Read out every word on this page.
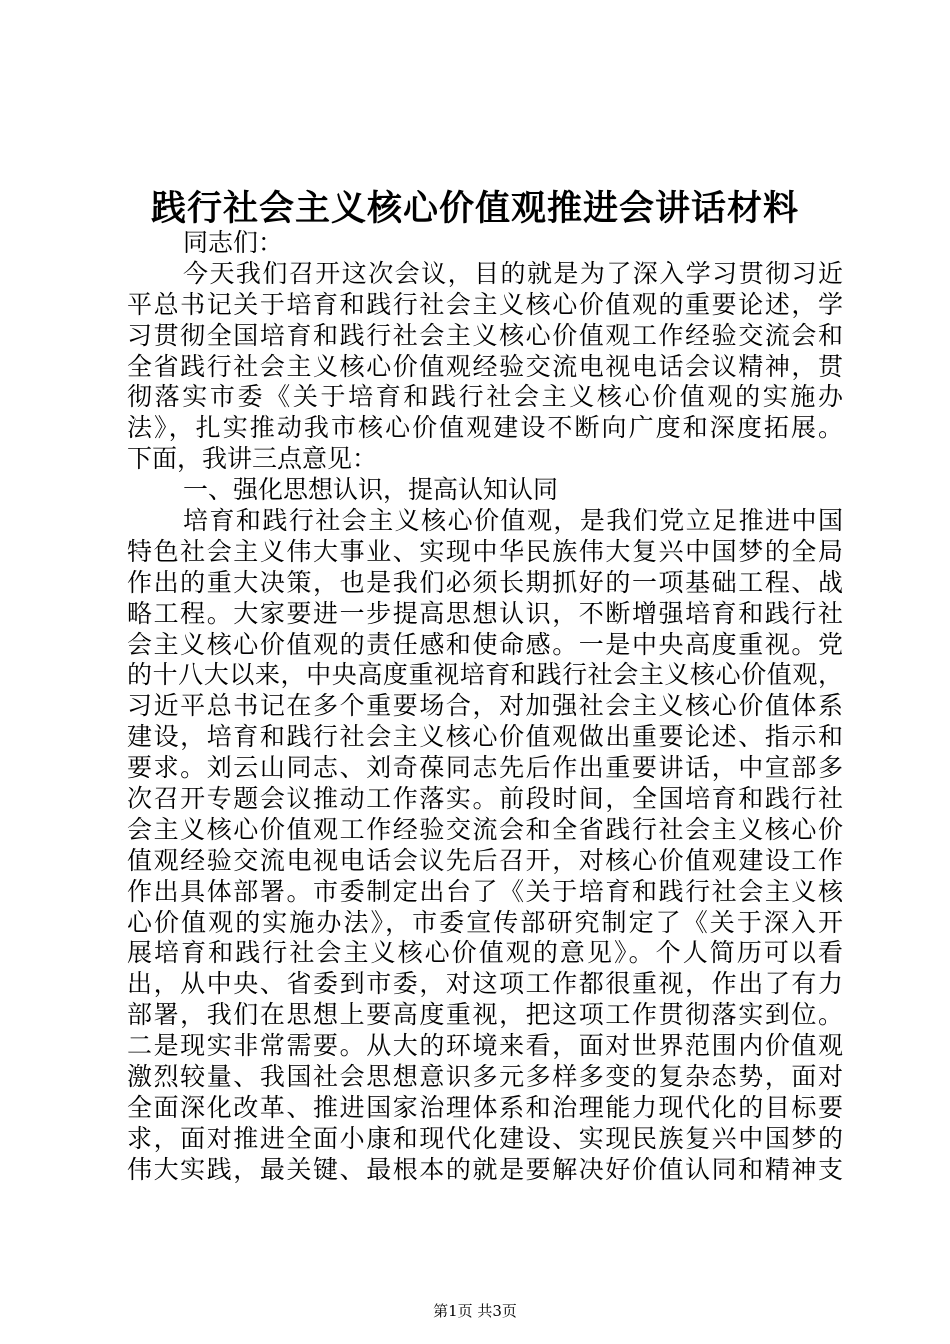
践行社会主义核心价值观推进会讲话材料
同志们：
今天我们召开这次会议，目的就是为了深入学习贯彻习近
平总书记关于培育和践行社会主义核心价值观的重要论述，学
习贯彻全国培育和践行社会主义核心价值观工作经验交流会和
全省践行社会主义核心价值观经验交流电视电话会议精神，贯
彻落实市委《关于培育和践行社会主义核心价值观的实施办
法》，扎实推动我市核心价值观建设不断向广度和深度拓展。
下面，我讲三点意见：
一、强化思想认识，提高认知认同
培育和践行社会主义核心价值观，是我们党立足推进中国
特色社会主义伟大事业、实现中华民族伟大复兴中国梦的全局
作出的重大决策，也是我们必须长期抓好的一项基础工程、战
略工程。大家要进一步提高思想认识，不断增强培育和践行社
会主义核心价值观的责任感和使命感。一是中央高度重视。党
的十八大以来，中央高度重视培育和践行社会主义核心价值观，
习近平总书记在多个重要场合，对加强社会主义核心价值体系
建设，培育和践行社会主义核心价值观做出重要论述、指示和
要求。刘云山同志、刘奇葆同志先后作出重要讲话，中宣部多
次召开专题会议推动工作落实。前段时间，全国培育和践行社
会主义核心价值观工作经验交流会和全省践行社会主义核心价
值观经验交流电视电话会议先后召开，对核心价值观建设工作
作出具体部署。市委制定出台了《关于培育和践行社会主义核
心价值观的实施办法》，市委宣传部研究制定了《关于深入开
展培育和践行社会主义核心价值观的意见》。个人简历可以看
出，从中央、省委到市委，对这项工作都很重视，作出了有力
部署，我们在思想上要高度重视，把这项工作贯彻落实到位。
二是现实非常需要。从大的环境来看，面对世界范围内价值观
激烈较量、我国社会思想意识多元多样多变的复杂态势，面对
全面深化改革、推进国家治理体系和治理能力现代化的目标要
求，面对推进全面小康和现代化建设、实现民族复兴中国梦的
伟大实践，最关键、最根本的就是要解决好价值认同和精神支
第1页 共3页
